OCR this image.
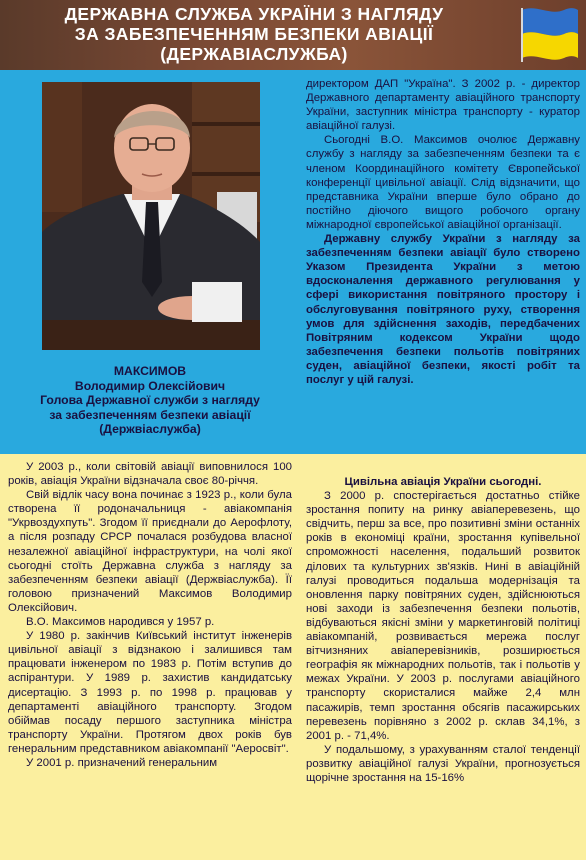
ДЕРЖАВНА СЛУЖБА УКРАЇНИ З НАГЛЯДУ
ЗА ЗАБЕЗПЕЧЕННЯМ БЕЗПЕКИ АВІАЦІЇ
(ДЕРЖАВІАСЛУЖБА)
МАКСИМОВ
Володимир Олексійович
Голова Державної служби з нагляду
за забезпеченням безпеки авіації
(Держвіаслужба)

директором ДАП "Україна". З 2002 р. - директор Державного департаменту авіаційного транспорту України, заступник міністра транспорту - куратор авіаційної галузі.

Сьогодні В.О. Максимов очолює Державну службу з нагляду за забезпеченням безпеки та є членом Координаційного комітету Європейської конференції цивільної авіації. Слід відзначити, що представника України вперше було обрано до постійно діючого вищого робочого органу міжнародної європейської авіаційної організації.

Державну службу України з нагляду за забезпеченням безпеки авіації було створено Указом Президента України з метою вдосконалення державного регулювання у сфері використання повітряного простору і обслуговування повітряного руху, створення умов для здійснення заходів, передбачених Повітряним кодексом України щодо забезпечення безпеки польотів повітряних суден, авіаційної безпеки, якості робіт та послуг у цій галузі.

У 2003 р., коли світовій авіації виповнилося 100 років, авіація України відзначала своє 80-річчя.

Свій відлік часу вона починає з 1923 р., коли була створена її родоначальниця - авіакомпанія "Укрвоздухпуть". Згодом її приєднали до Аерофлоту, а після розпаду СРСР почалася розбудова власної незалежної авіаційної інфраструктури, на чолі якої сьогодні стоїть Державна служба з нагляду за забезпеченням безпеки авіації (Держвіаслужба). Її головою призначений Максимов Володимир Олексійович.

В.О. Максимов народився у 1957 р.

У 1980 р. закінчив Київський інститут інженерів цивільної авіації з відзнакою і залишився там працювати інженером по 1983 р. Потім вступив до аспірантури. У 1989 р. захистив кандидатську дисертацію. З 1993 р. по 1998 р. працював у департаменті авіаційного транспорту. Згодом обіймав посаду першого заступника міністра транспорту України. Протягом двох років був генеральним представником авіакомпанії "Аеросвіт".

У 2001 р. призначений генеральним

Цивільна авіація України сьогодні.

З 2000 р. спостерігається достатньо стійке зростання попиту на ринку авіаперевезень, що свідчить, перш за все, про позитивні зміни останніх років в економіці країни, зростання купівельної спроможності населення, подальший розвиток ділових та культурних зв'язків. Нині в авіаційній галузі проводиться подальша модернізація та оновлення парку повітряних суден, здійснюються нові заходи із забезпечення безпеки польотів, відбуваються якісні зміни у маркетинговій політиці авіакомпаній, розвивається мережа послуг вітчизняних авіаперевізників, розширюється географія як міжнародних польотів, так і польотів у межах України. У 2003 р. послугами авіаційного транспорту скористалися майже 2,4 млн пасажирів, темп зростання обсягів пасажирських перевезень порівняно з 2002 р. склав 34,1%, з 2001 р. - 71,4%.

У подальшому, з урахуванням сталої тенденції розвитку авіаційної галузі України, прогнозується щорічне зростання на 15-16%
